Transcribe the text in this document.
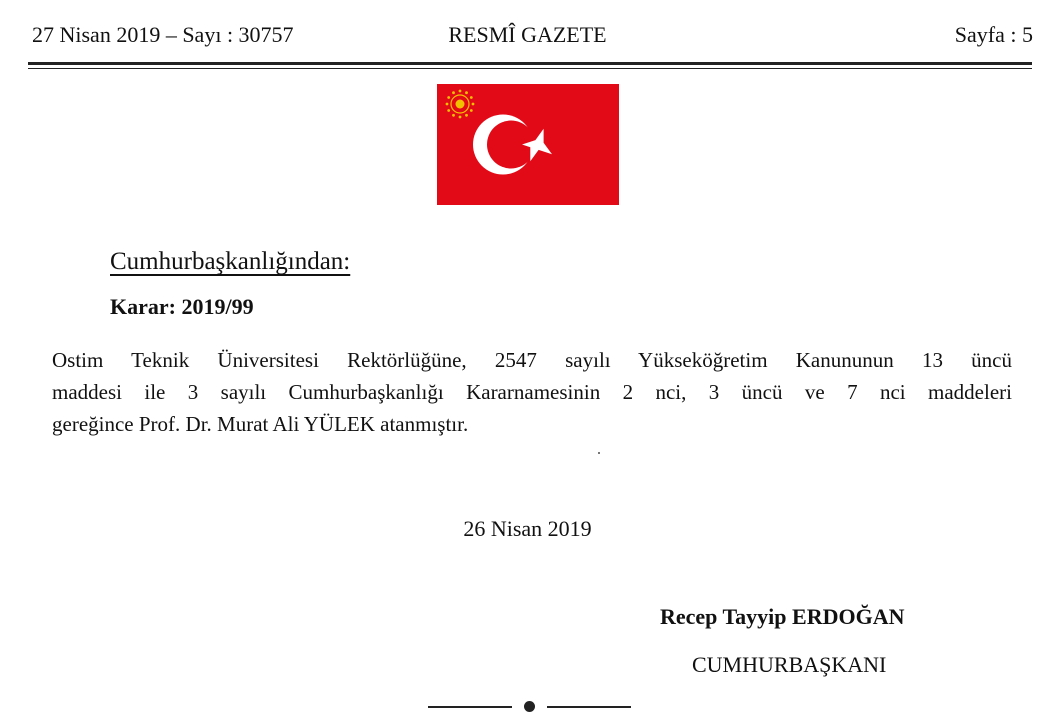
27 Nisan 2019 – Sayı : 30757	RESMÎ GAZETE	Sayfa : 5
Cumhurbaşkanlığından:
Karar: 2019/99
Ostim Teknik Üniversitesi Rektörlüğüne, 2547 sayılı Yükseköğretim Kanununun 13 üncü
maddesi ile 3 sayılı Cumhurbaşkanlığı Kararnamesinin 2 nci, 3 üncü ve 7 nci maddeleri
gereğince Prof. Dr. Murat Ali YÜLEK atanmıştır.
26 Nisan 2019
Recep Tayyip ERDOĞAN
CUMHURBAŞKANI
